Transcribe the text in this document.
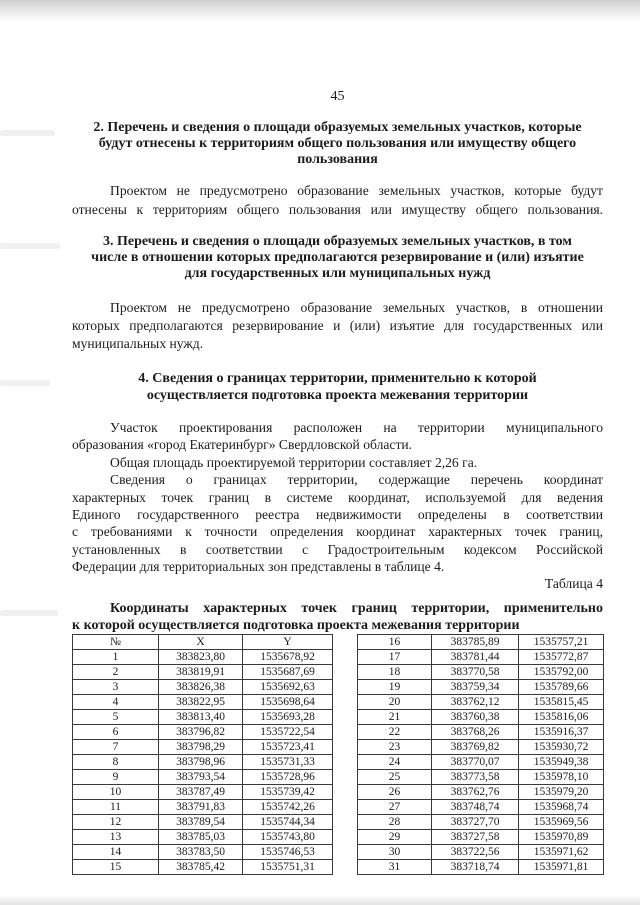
45
2. Перечень и сведения о площади образуемых земельных участков, которые
будут отнесены к территориям общего пользования или имуществу общего
пользования
Проектом не предусмотрено образование земельных участков, которые будут
отнесены к территориям общего пользования или имуществу общего пользования.
3. Перечень и сведения о площади образуемых земельных участков, в том
числе в отношении которых предполагаются резервирование и (или) изъятие
для государственных или муниципальных нужд
Проектом не предусмотрено образование земельных участков, в отношении
которых предполагаются резервирование и (или) изъятие для государственных или
муниципальных нужд.
4. Сведения о границах территории, применительно к которой
осуществляется подготовка проекта межевания территории
Участок проектирования расположен на территории муниципального
образования «город Екатеринбург» Свердловской области.
Общая площадь проектируемой территории составляет 2,26 га.
Сведения о границах территории, содержащие перечень координат
характерных точек границ в системе координат, используемой для ведения
Единого государственного реестра недвижимости определены в соответствии
с требованиями к точности определения координат характерных точек границ,
установленных в соответствии с Градостроительным кодексом Российской
Федерации для территориальных зон представлены в таблице 4.
Таблица 4
Координаты характерных точек границ территории, применительно
к которой осуществляется подготовка проекта межевания территории
№	X	Y
1	383823,80	1535678,92
2	383819,91	1535687,69
3	383826,38	1535692,63
4	383822,95	1535698,64
5	383813,40	1535693,28
6	383796,82	1535722,54
7	383798,29	1535723,41
8	383798,96	1535731,33
9	383793,54	1535728,96
10	383787,49	1535739,42
11	383791,83	1535742,26
12	383789,54	1535744,34
13	383785,03	1535743,80
14	383783,50	1535746,53
15	383785,42	1535751,31
16	383785,89	1535757,21
17	383781,44	1535772,87
18	383770,58	1535792,00
19	383759,34	1535789,66
20	383762,12	1535815,45
21	383760,38	1535816,06
22	383768,26	1535916,37
23	383769,82	1535930,72
24	383770,07	1535949,38
25	383773,58	1535978,10
26	383762,76	1535979,20
27	383748,74	1535968,74
28	383727,70	1535969,56
29	383727,58	1535970,89
30	383722,56	1535971,62
31	383718,74	1535971,81
